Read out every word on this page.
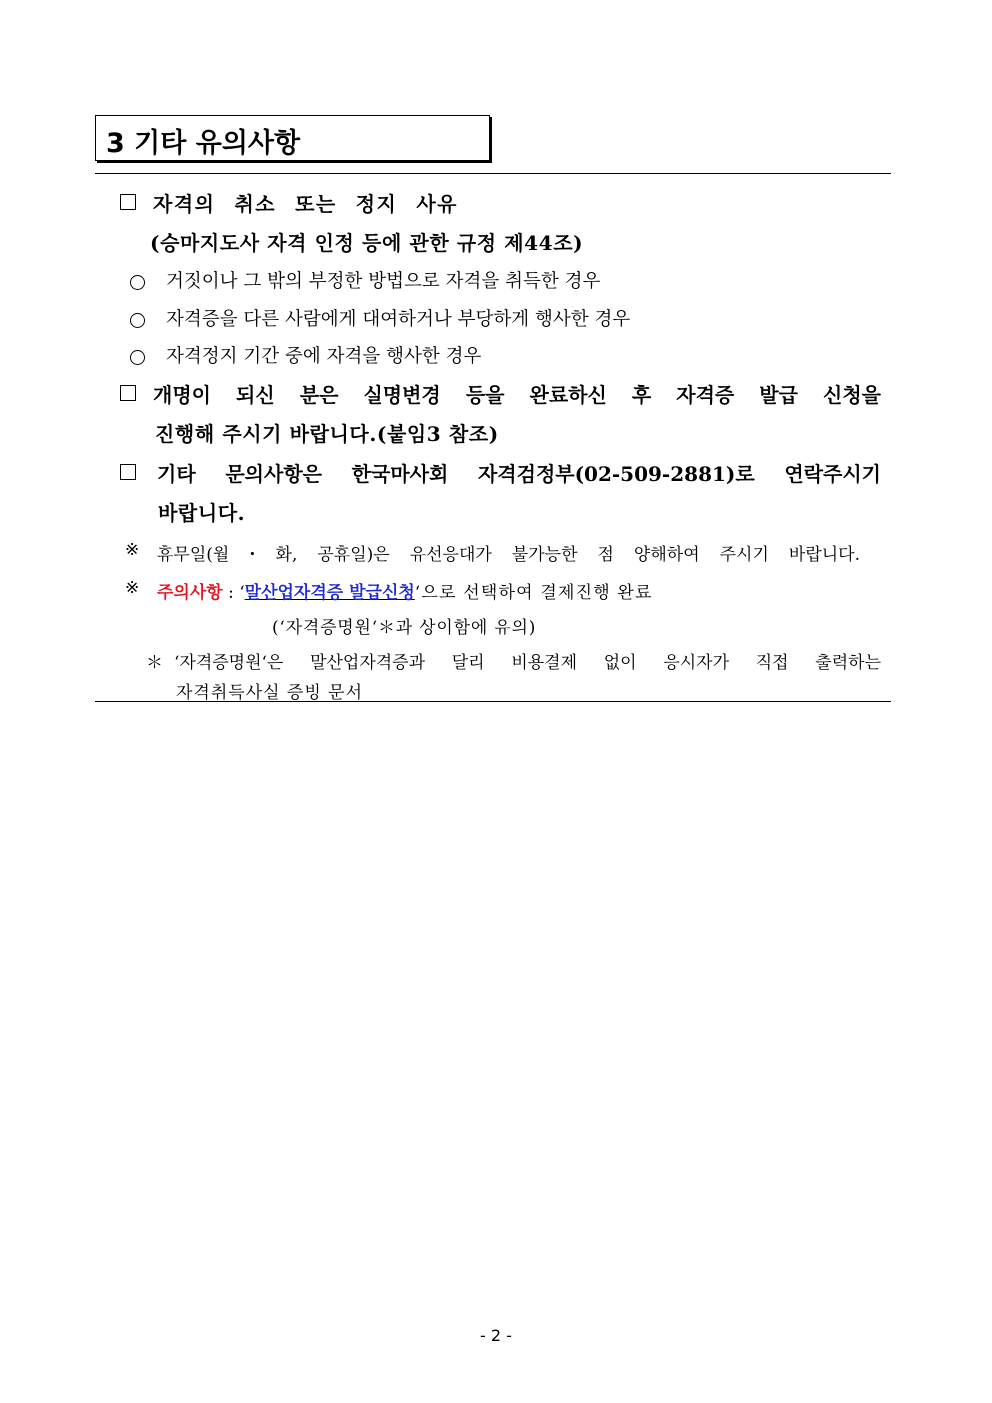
3 기타 유의사항
자격의 취소 또는 정지 사유
(승마지도사 자격 인정 등에 관한 규정 제44조)
거짓이나 그 밖의 부정한 방법으로 자격을 취득한 경우
자격증을 다른 사람에게 대여하거나 부당하게 행사한 경우
자격정지 기간 중에 자격을 행사한 경우
개명이 되신 분은 실명변경 등을 완료하신 후 자격증 발급 신청을
진행해 주시기 바랍니다.(붙임3 참조)
기타 문의사항은 한국마사회 자격검정부(02-509-2881)로 연락주시기
바랍니다.
※ 휴무일(월・화, 공휴일)은 유선응대가 불가능한 점 양해하여 주시기 바랍니다.
※ 주의사항 : ‘말산업자격증 발급신청‘으로 선택하여 결제진행 완료
(‘자격증명원‘＊과 상이함에 유의)
＊ ‘자격증명원‘은 말산업자격증과 달리 비용결제 없이 응시자가 직접 출력하는
자격취득사실 증빙 문서
- 2 -
